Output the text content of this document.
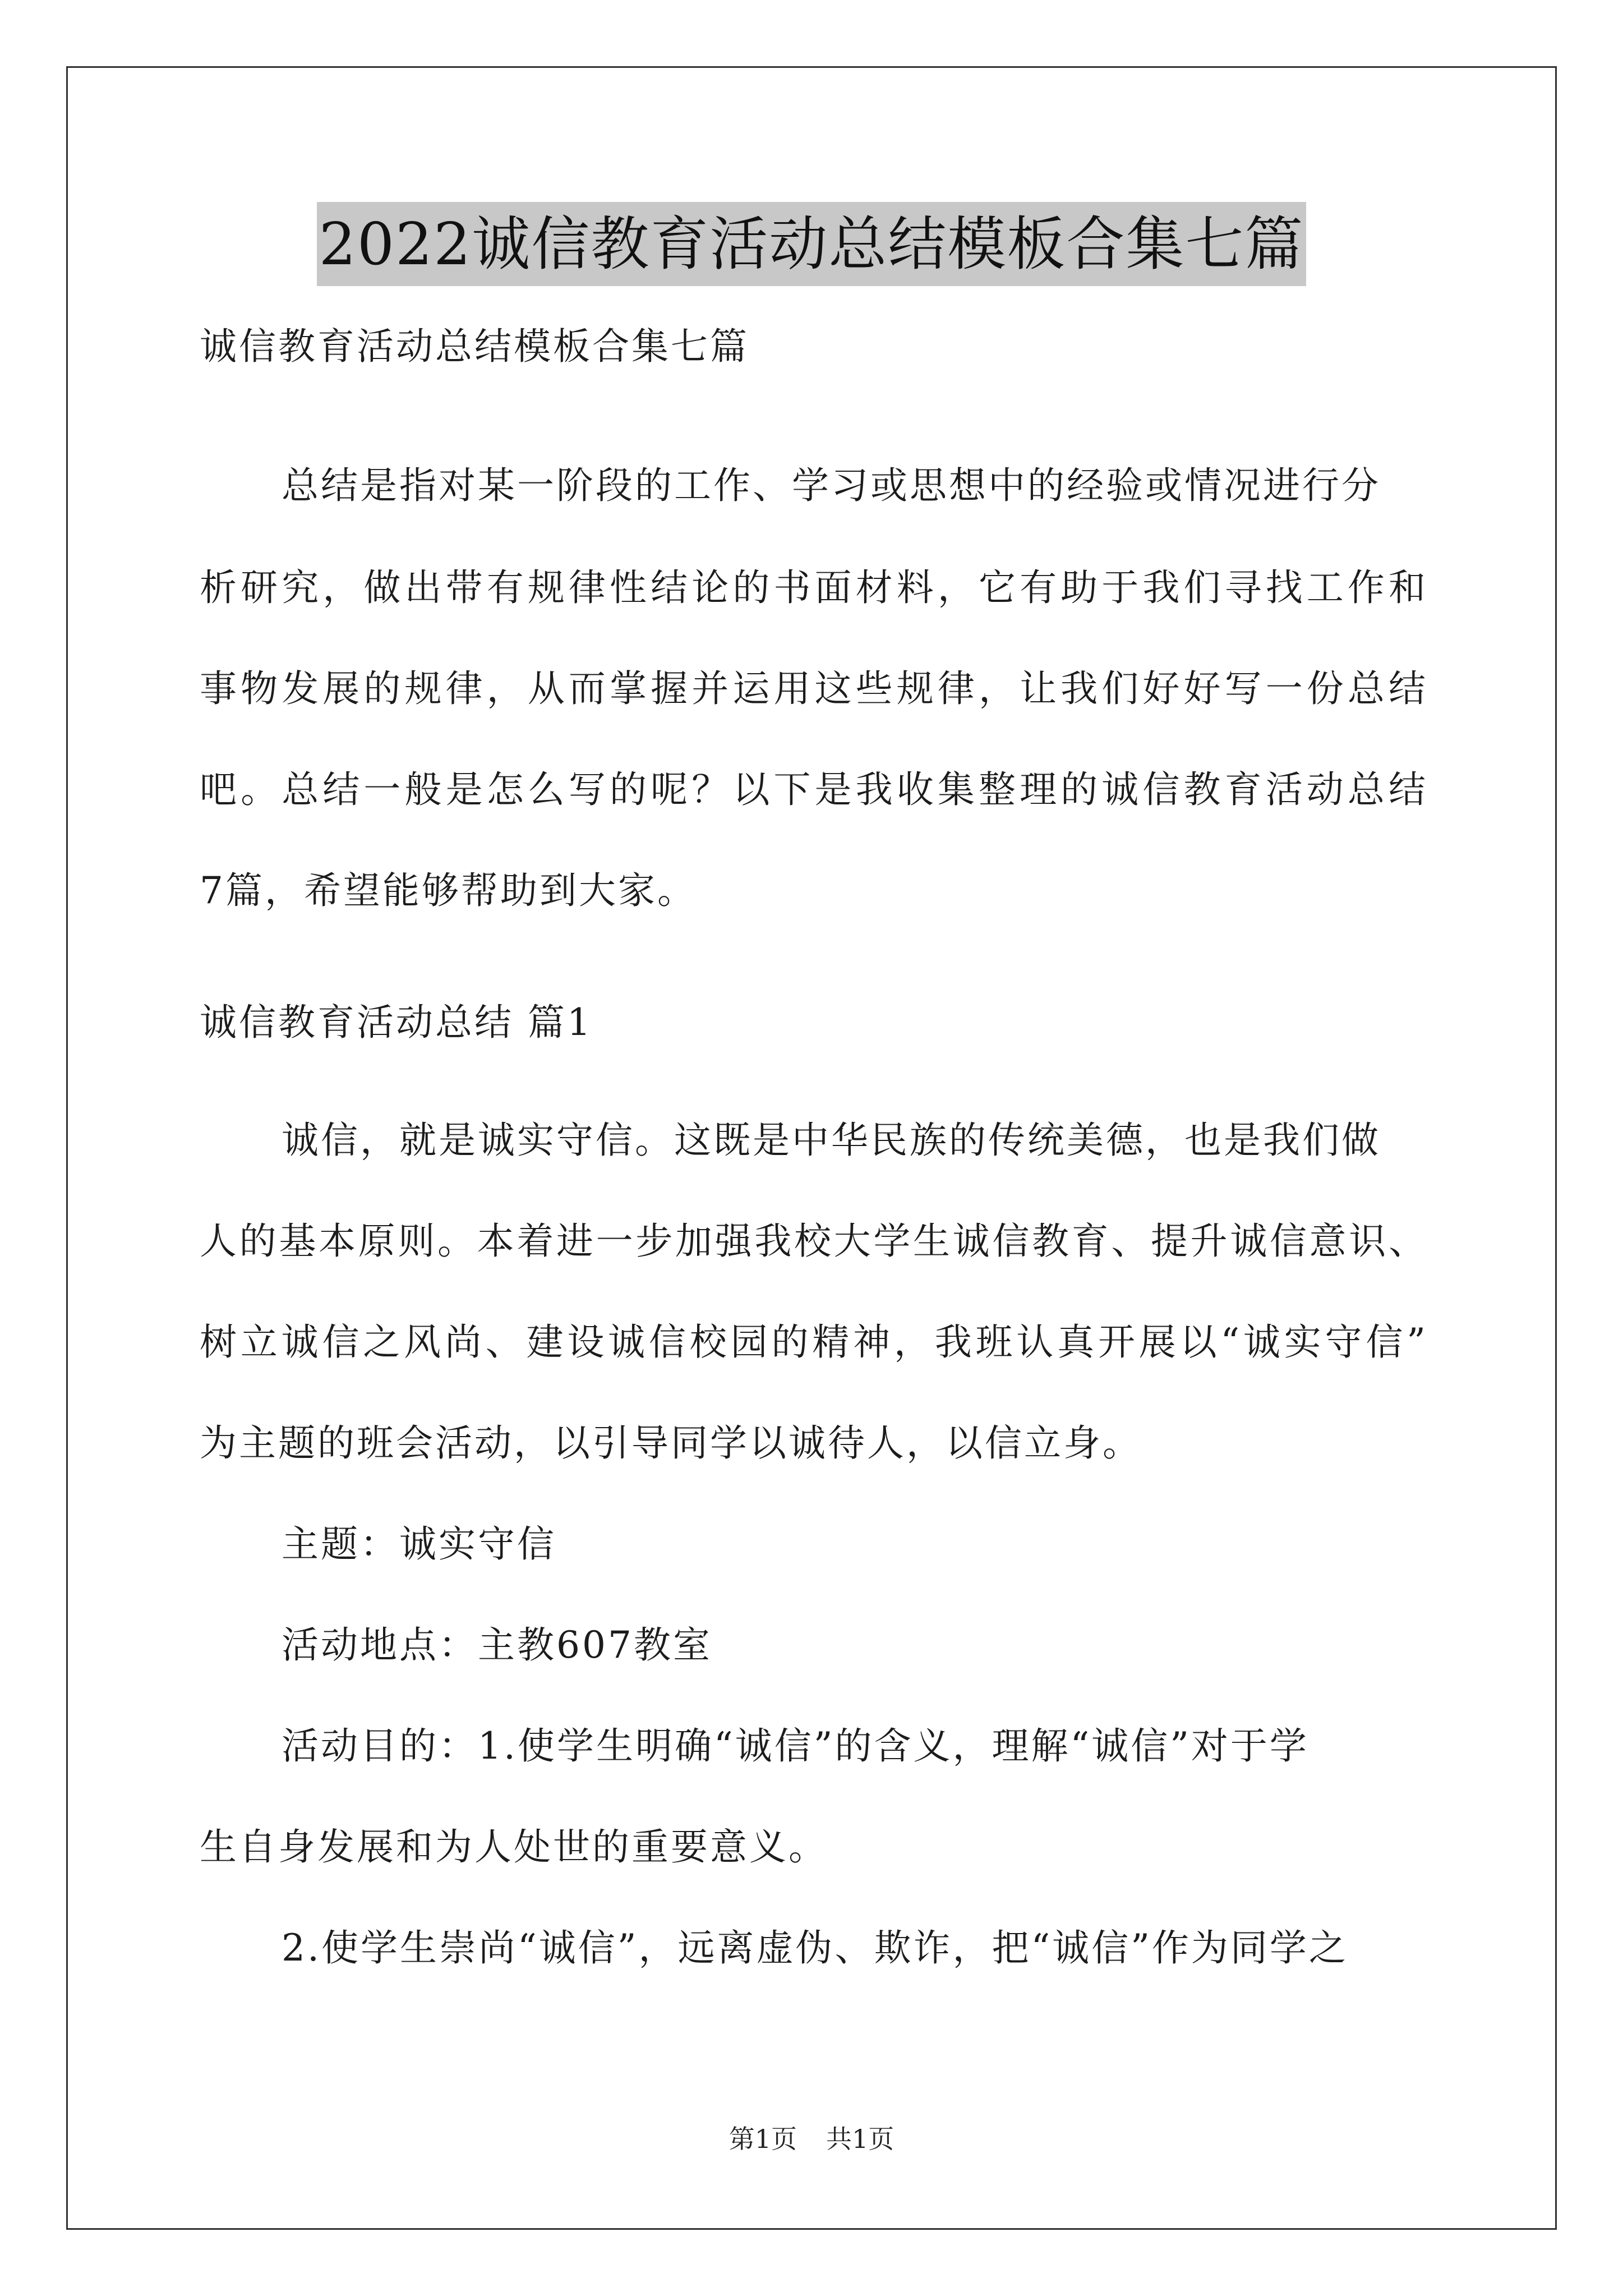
2022诚信教育活动总结模板合集七篇
诚信教育活动总结模板合集七篇
总结是指对某一阶段的工作、学习或思想中的经验或情况进行分
析研究，做出带有规律性结论的书面材料，它有助于我们寻找工作和
事物发展的规律，从而掌握并运用这些规律，让我们好好写一份总结
吧。总结一般是怎么写的呢？以下是我收集整理的诚信教育活动总结
7篇，希望能够帮助到大家。
诚信教育活动总结 篇1
诚信，就是诚实守信。这既是中华民族的传统美德，也是我们做
人的基本原则。本着进一步加强我校大学生诚信教育、提升诚信意识、
树立诚信之风尚、建设诚信校园的精神，我班认真开展以“诚实守信”
为主题的班会活动，以引导同学以诚待人，以信立身。
主题：诚实守信
活动地点：主教607教室
活动目的：1.使学生明确“诚信”的含义，理解“诚信”对于学
生自身发展和为人处世的重要意义。
2.使学生崇尚“诚信”，远离虚伪、欺诈，把“诚信”作为同学之
第1页 共1页
